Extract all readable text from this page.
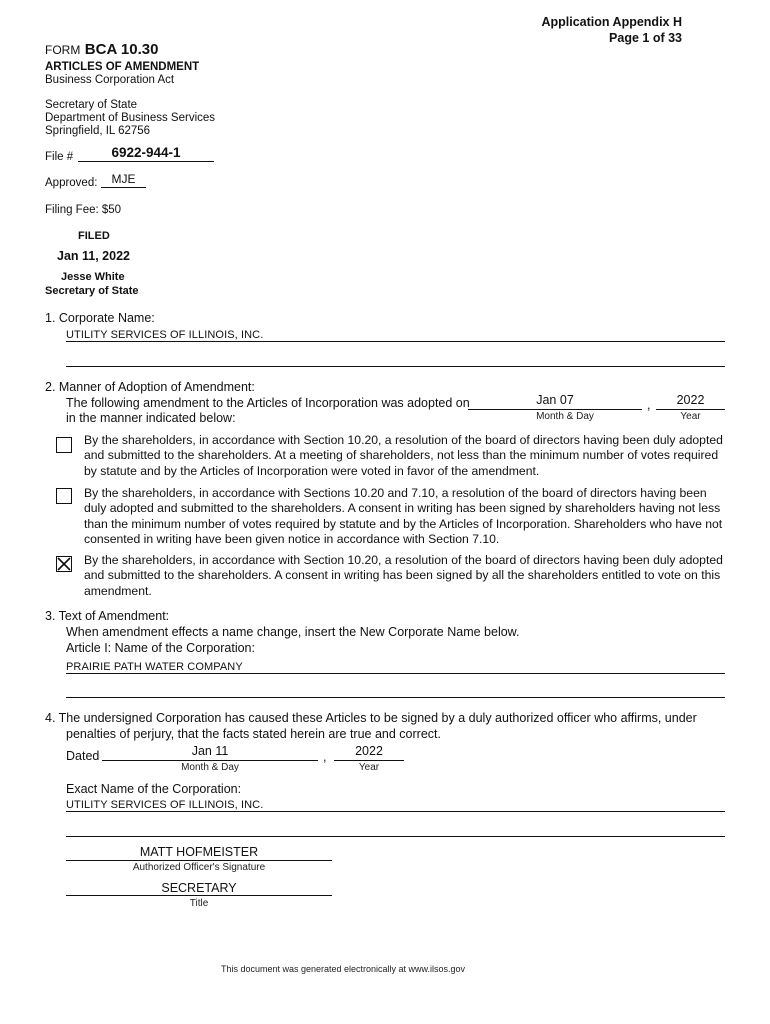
Application Appendix H
Page 1 of 33
FORM BCA 10.30
ARTICLES OF AMENDMENT
Business Corporation Act
Secretary of State
Department of Business Services
Springfield, IL 62756
File #	6922-944-1
Approved:	MJE
Filing Fee: $50
FILED
Jan 11, 2022
Jesse White
Secretary of State
1. Corporate Name:
UTILITY SERVICES OF ILLINOIS, INC.
2. Manner of Adoption of Amendment:
The following amendment to the Articles of Incorporation was adopted on
in the manner indicated below:
Jan 07
Month & Day
,	2022
Year
By the shareholders, in accordance with Section 10.20, a resolution of the board of directors having been duly adopted and submitted to the shareholders. At a meeting of shareholders, not less than the minimum number of votes required by statute and by the Articles of Incorporation were voted in favor of the amendment.
By the shareholders, in accordance with Sections 10.20 and 7.10, a resolution of the board of directors having been duly adopted and submitted to the shareholders. A consent in writing has been signed by shareholders having not less than the minimum number of votes required by statute and by the Articles of Incorporation. Shareholders who have not consented in writing have been given notice in accordance with Section 7.10.
By the shareholders, in accordance with Section 10.20, a resolution of the board of directors having been duly adopted and submitted to the shareholders. A consent in writing has been signed by all the shareholders entitled to vote on this amendment.
3. Text of Amendment:
When amendment effects a name change, insert the New Corporate Name below.
Article I: Name of the Corporation:
PRAIRIE PATH WATER COMPANY
4. The undersigned Corporation has caused these Articles to be signed by a duly authorized officer who affirms, under
penalties of perjury, that the facts stated herein are true and correct.
Dated	Jan 11
Month & Day
,	2022
Year
Exact Name of the Corporation:
UTILITY SERVICES OF ILLINOIS, INC.
MATT HOFMEISTER
Authorized Officer's Signature
SECRETARY
Title
This document was generated electronically at www.ilsos.gov
